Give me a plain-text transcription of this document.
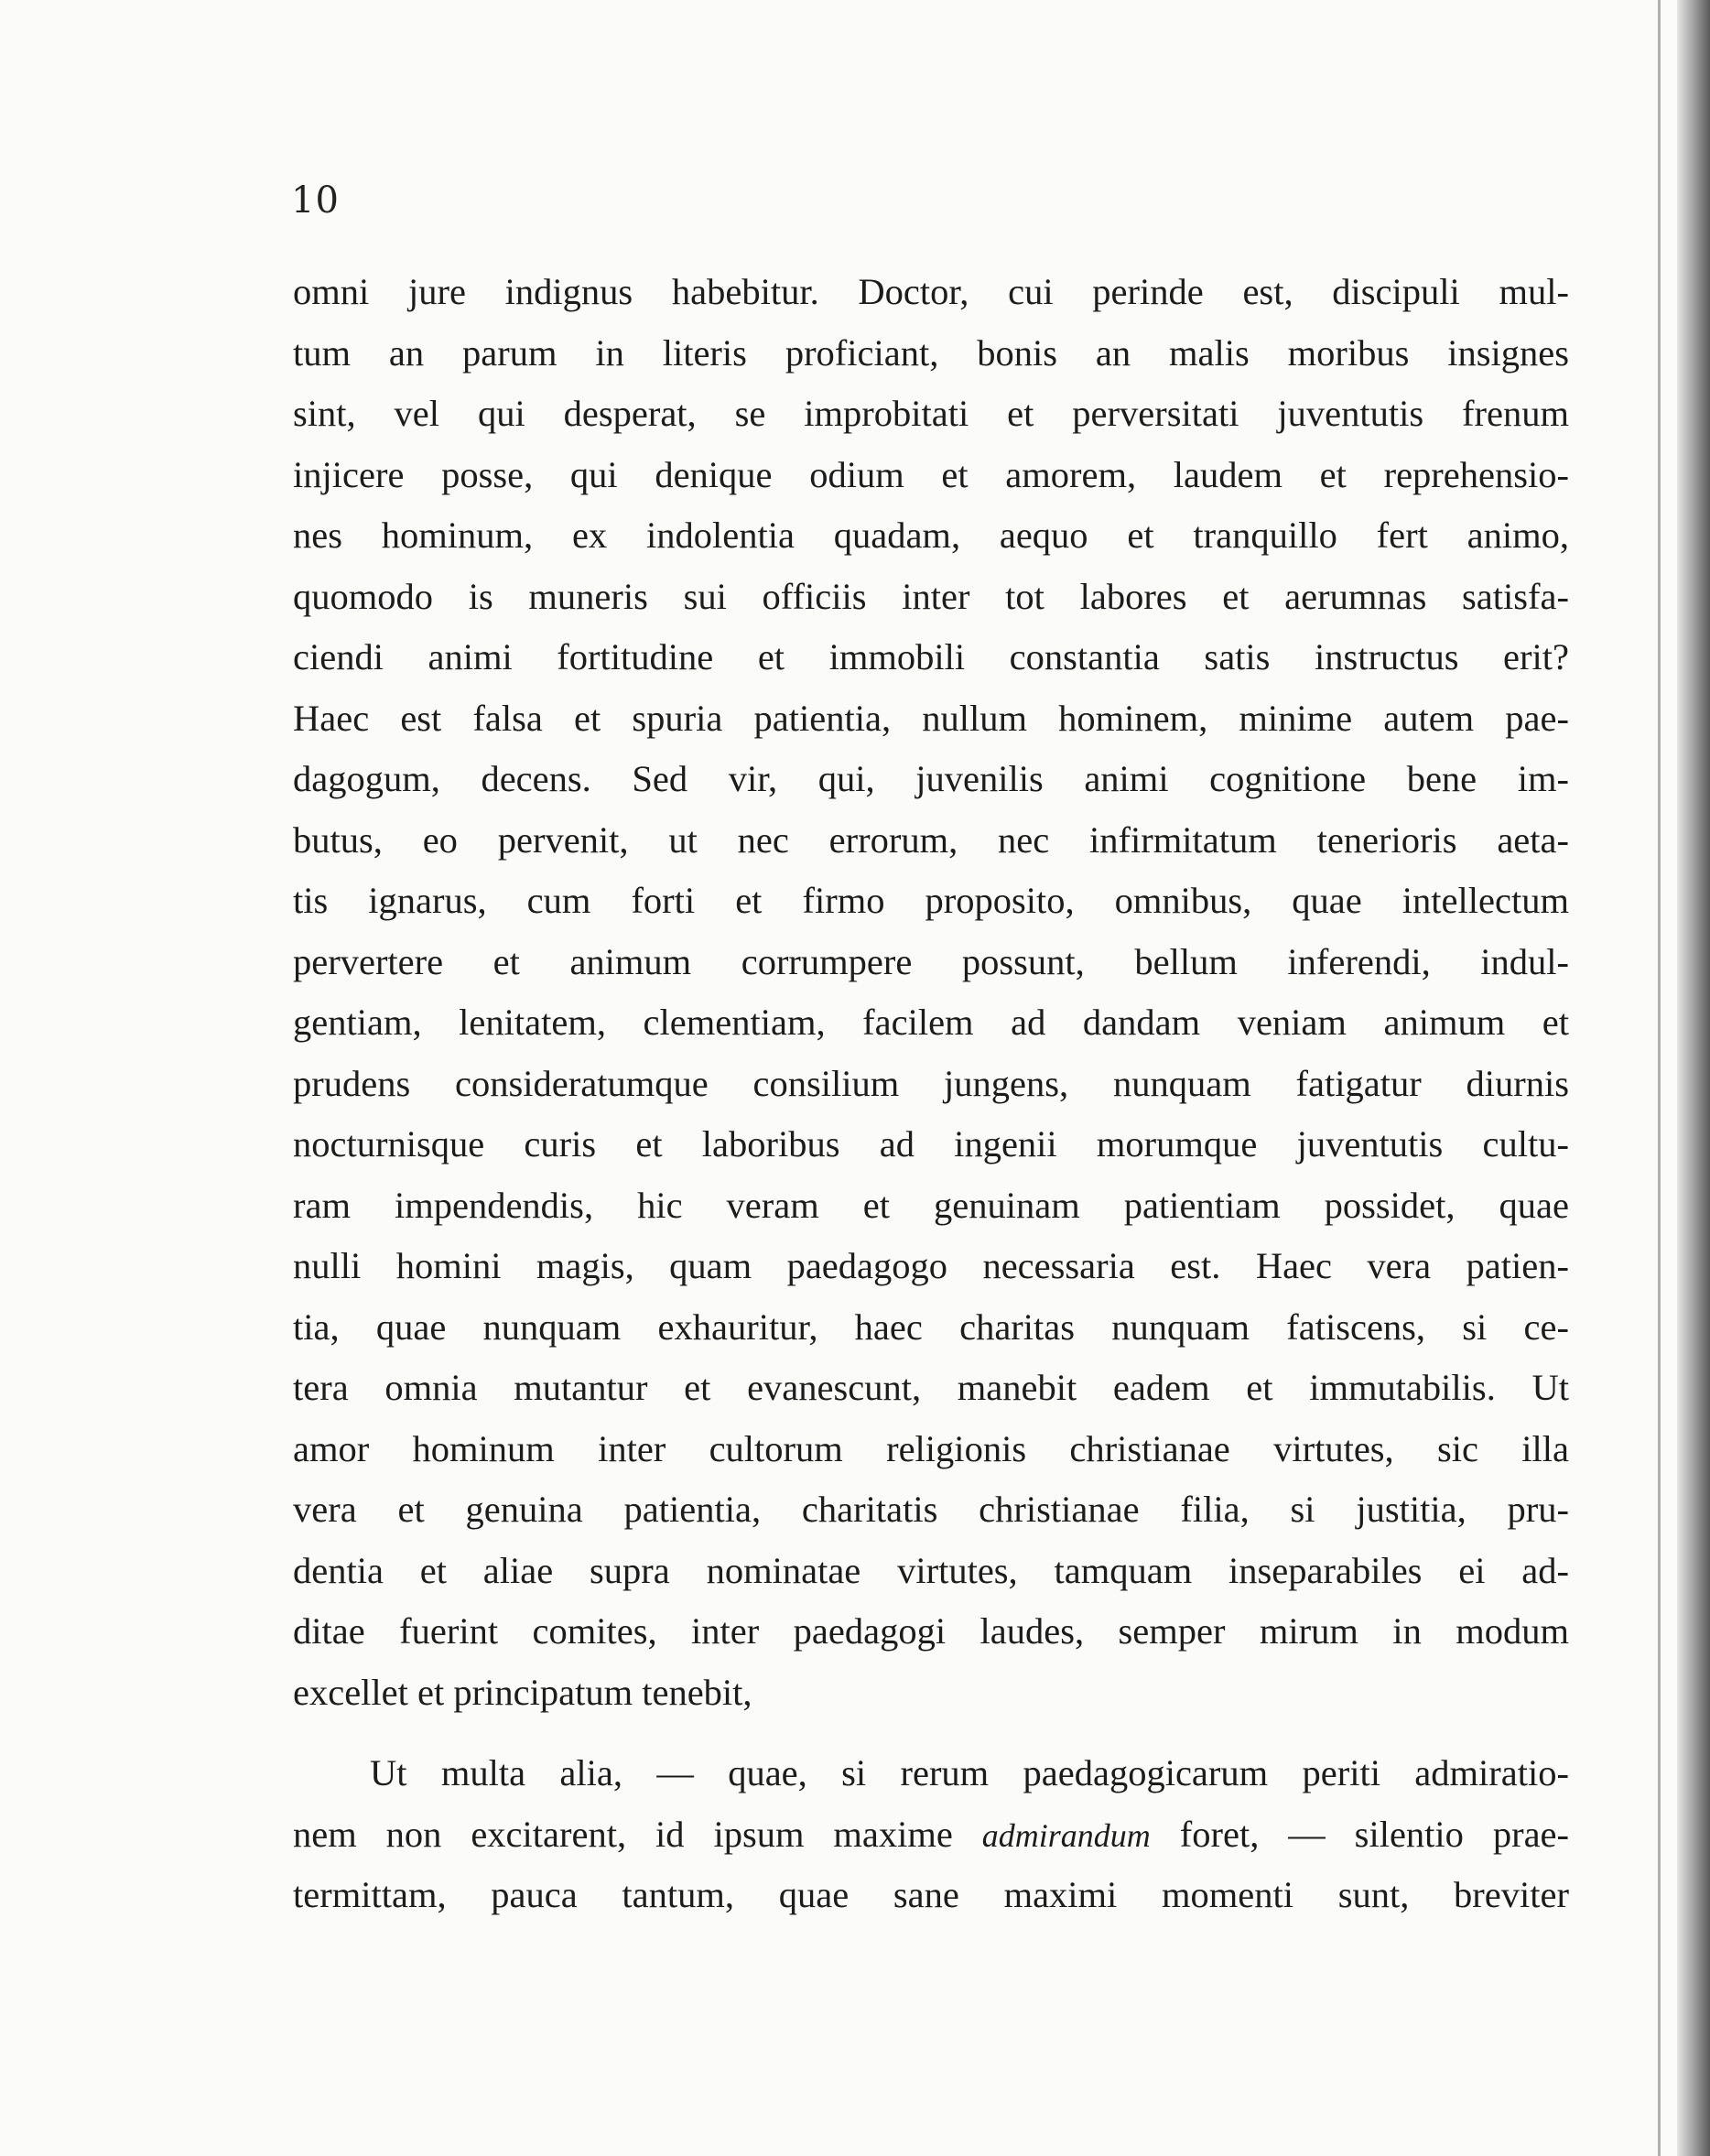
10
omni jure indignus habebitur. Doctor, cui perinde est, discipuli mul-
tum an parum in literis proficiant, bonis an malis moribus insignes
sint, vel qui desperat, se improbitati et perversitati juventutis frenum
injicere posse, qui denique odium et amorem, laudem et reprehensio-
nes hominum, ex indolentia quadam, aequo et tranquillo fert animo,
quomodo is muneris sui officiis inter tot labores et aerumnas satisfa-
ciendi animi fortitudine et immobili constantia satis instructus erit?
Haec est falsa et spuria patientia, nullum hominem, minime autem pae-
dagogum, decens. Sed vir, qui, juvenilis animi cognitione bene im-
butus, eo pervenit, ut nec errorum, nec infirmitatum tenerioris aeta-
tis ignarus, cum forti et firmo proposito, omnibus, quae intellectum
pervertere et animum corrumpere possunt, bellum inferendi, indul-
gentiam, lenitatem, clementiam, facilem ad dandam veniam animum et
prudens consideratumque consilium jungens, nunquam fatigatur diurnis
nocturnisque curis et laboribus ad ingenii morumque juventutis cultu-
ram impendendis, hic veram et genuinam patientiam possidet, quae
nulli homini magis, quam paedagogo necessaria est. Haec vera patien-
tia, quae nunquam exhauritur, haec charitas nunquam fatiscens, si ce-
tera omnia mutantur et evanescunt, manebit eadem et immutabilis. Ut
amor hominum inter cultorum religionis christianae virtutes, sic illa
vera et genuina patientia, charitatis christianae filia, si justitia, pru-
dentia et aliae supra nominatae virtutes, tamquam inseparabiles ei ad-
ditae fuerint comites, inter paedagogi laudes, semper mirum in modum
excellet et principatum tenebit,
Ut multa alia, — quae, si rerum paedagogicarum periti admiratio-
nem non excitarent, id ipsum maxime admirandum foret, — silentio prae-
termittam, pauca tantum, quae sane maximi momenti sunt, breviter
